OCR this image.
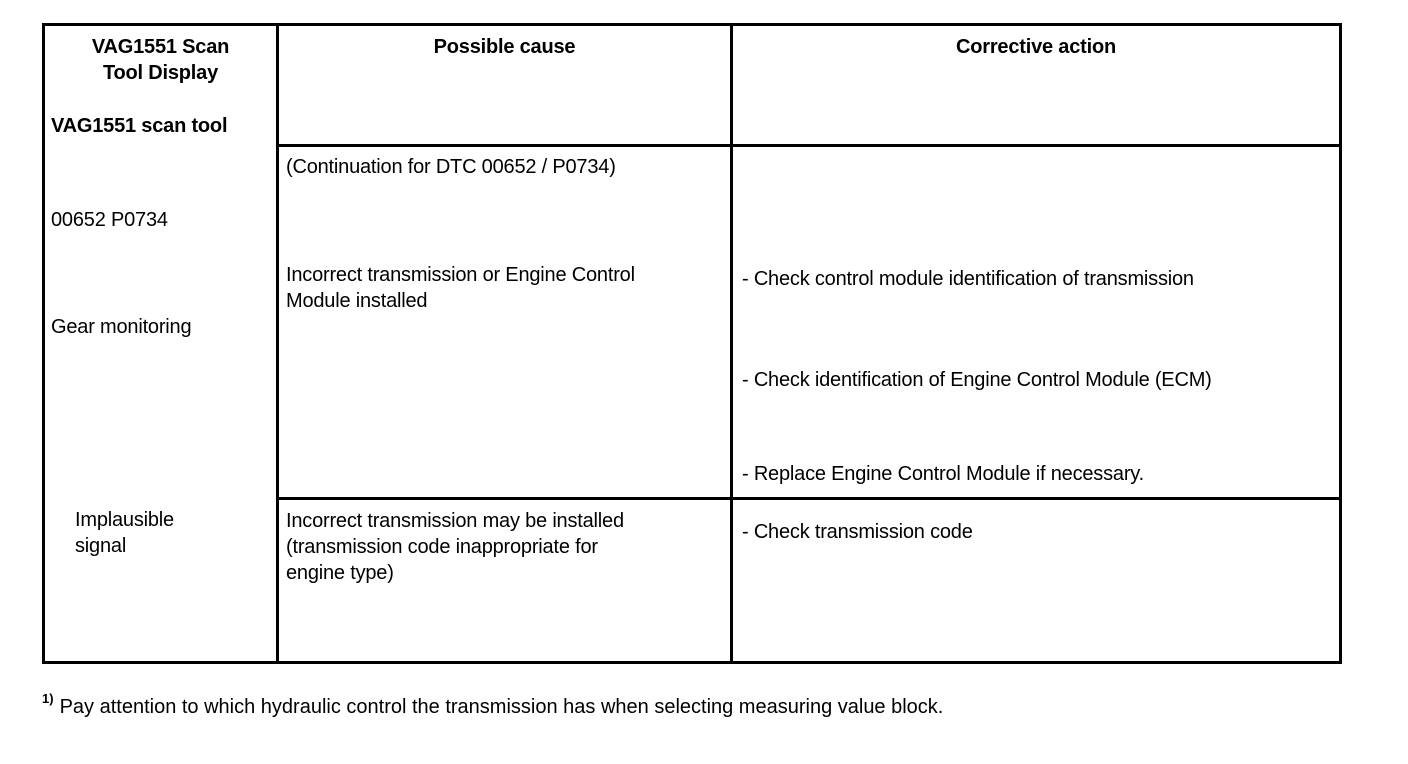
VAG1551 Scan
Tool Display
VAG1551 scan tool
Possible cause	Corrective action
00652 P0734
Gear monitoring
Implausible
signal
(Continuation for DTC 00652 / P0734)
Incorrect transmission or Engine Control
Module installed
- Check control module identification of transmission
- Check identification of Engine Control Module (ECM)
- Replace Engine Control Module if necessary.
Incorrect transmission may be installed
(transmission code inappropriate for
engine type)
- Check transmission code
$^{1)}$ Pay attention to which hydraulic control the transmission has when selecting measuring value block.
